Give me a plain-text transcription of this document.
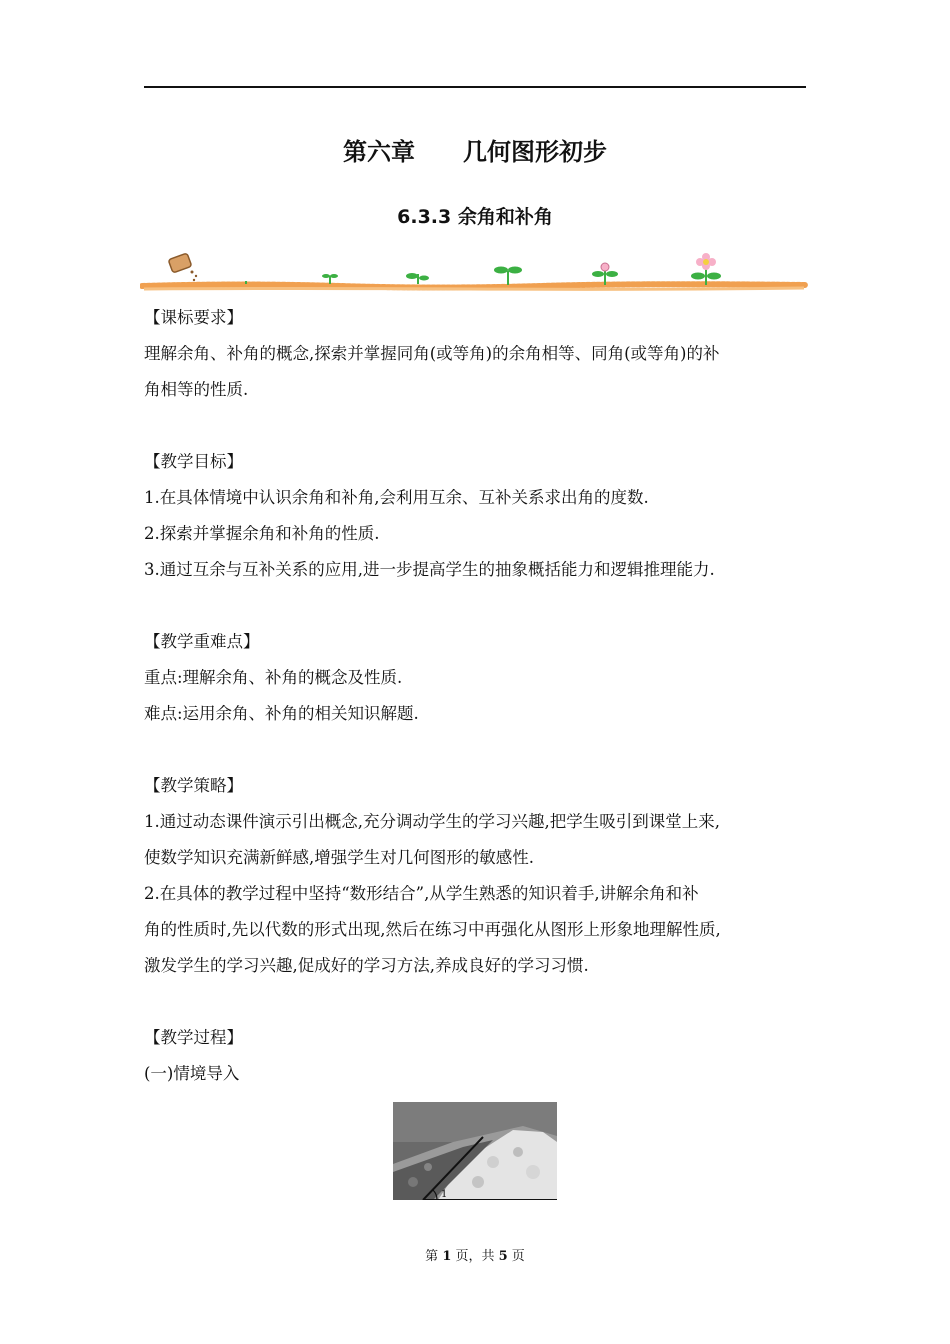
第六章　　几何图形初步
6.3.3 余角和补角

【课标要求】

理解余角、补角的概念,探索并掌握同角(或等角)的余角相等、同角(或等角)的补

角相等的性质.

【教学目标】

1.在具体情境中认识余角和补角,会利用互余、互补关系求出角的度数.

2.探索并掌握余角和补角的性质.

3.通过互余与互补关系的应用,进一步提高学生的抽象概括能力和逻辑推理能力.

【教学重难点】

重点:理解余角、补角的概念及性质.

难点:运用余角、补角的相关知识解题.

【教学策略】

1.通过动态课件演示引出概念,充分调动学生的学习兴趣,把学生吸引到课堂上来,

使数学知识充满新鲜感,增强学生对几何图形的敏感性.

2.在具体的教学过程中坚持“数形结合”,从学生熟悉的知识着手,讲解余角和补

角的性质时,先以代数的形式出现,然后在练习中再强化从图形上形象地理解性质,

激发学生的学习兴趣,促成好的学习方法,养成良好的学习习惯.

【教学过程】

(一)情境导入

1
第 1 页，共 5 页
